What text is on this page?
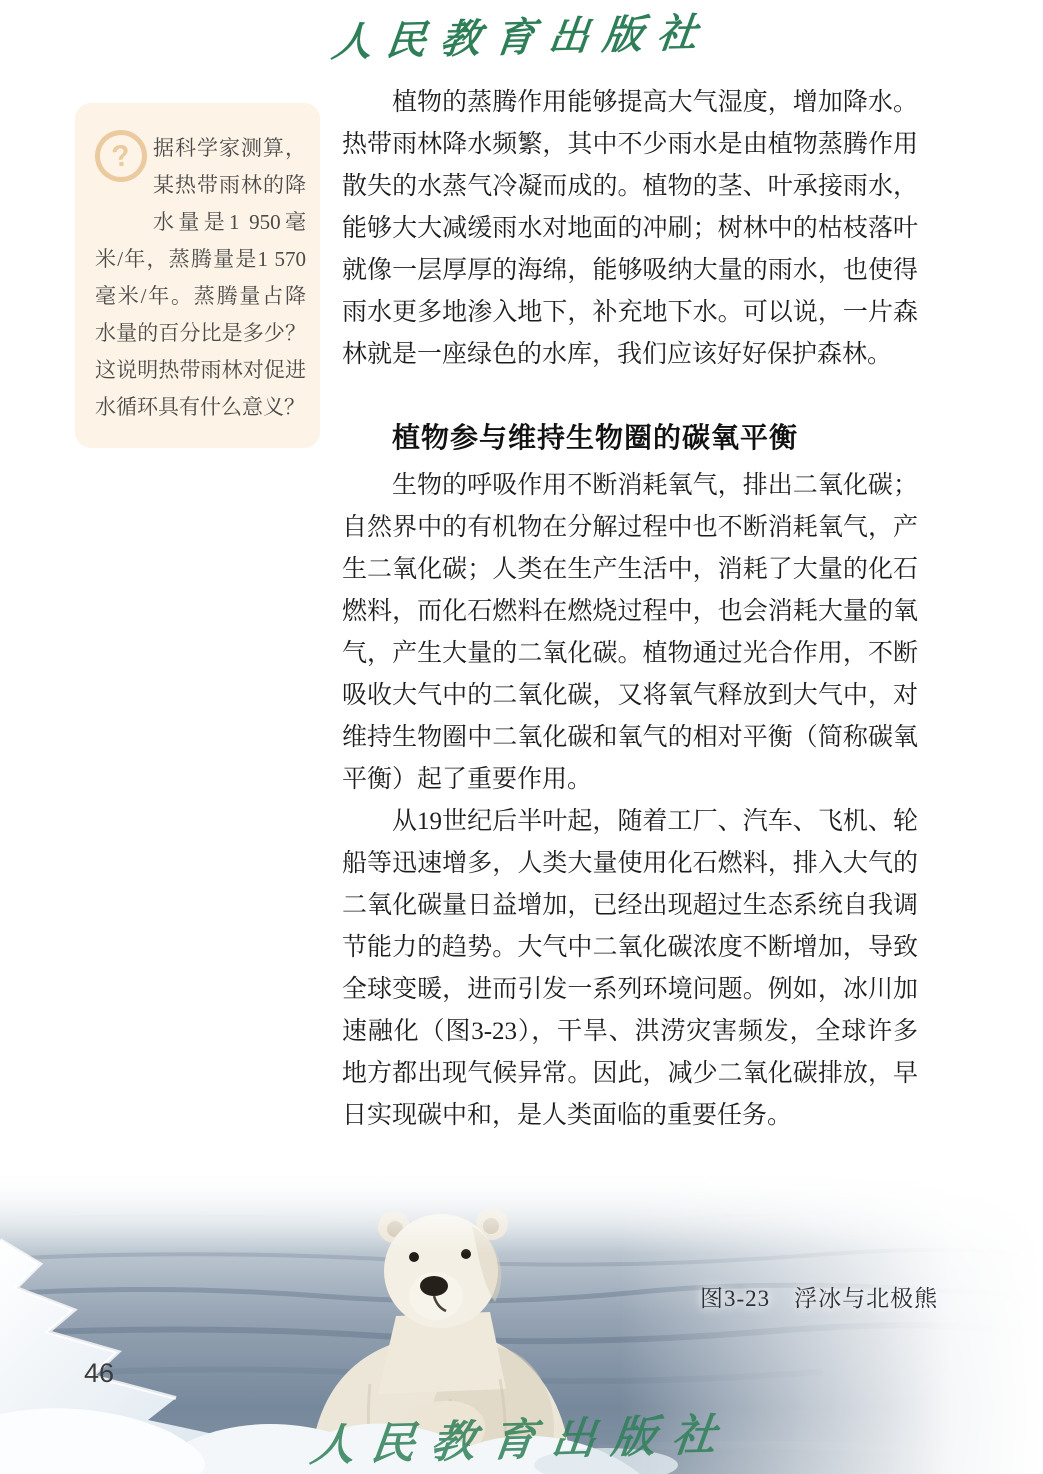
人民教育出版社
? 据科学家测算，某热带雨林的降水量是1 950毫米/年，蒸腾量是1 570毫米/年。蒸腾量占降水量的百分比是多少？这说明热带雨林对促进水循环具有什么意义？

植物的蒸腾作用能够提高大气湿度，增加降水。热带雨林降水频繁，其中不少雨水是由植物蒸腾作用散失的水蒸气冷凝而成的。植物的茎、叶承接雨水，能够大大减缓雨水对地面的冲刷；树林中的枯枝落叶就像一层厚厚的海绵，能够吸纳大量的雨水，也使得雨水更多地渗入地下，补充地下水。可以说，一片森林就是一座绿色的水库，我们应该好好保护森林。

植物参与维持生物圈的碳氧平衡

生物的呼吸作用不断消耗氧气，排出二氧化碳；自然界中的有机物在分解过程中也不断消耗氧气，产生二氧化碳；人类在生产生活中，消耗了大量的化石燃料，而化石燃料在燃烧过程中，也会消耗大量的氧气，产生大量的二氧化碳。植物通过光合作用，不断吸收大气中的二氧化碳，又将氧气释放到大气中，对维持生物圈中二氧化碳和氧气的相对平衡（简称碳氧平衡）起了重要作用。

从19世纪后半叶起，随着工厂、汽车、飞机、轮船等迅速增多，人类大量使用化石燃料，排入大气的二氧化碳量日益增加，已经出现超过生态系统自我调节能力的趋势。大气中二氧化碳浓度不断增加，导致全球变暖，进而引发一系列环境问题。例如，冰川加速融化（图3-23），干旱、洪涝灾害频发，全球许多地方都出现气候异常。因此，减少二氧化碳排放，早日实现碳中和，是人类面临的重要任务。

图3-23　浮冰与北极熊
46
人民教育出版社
